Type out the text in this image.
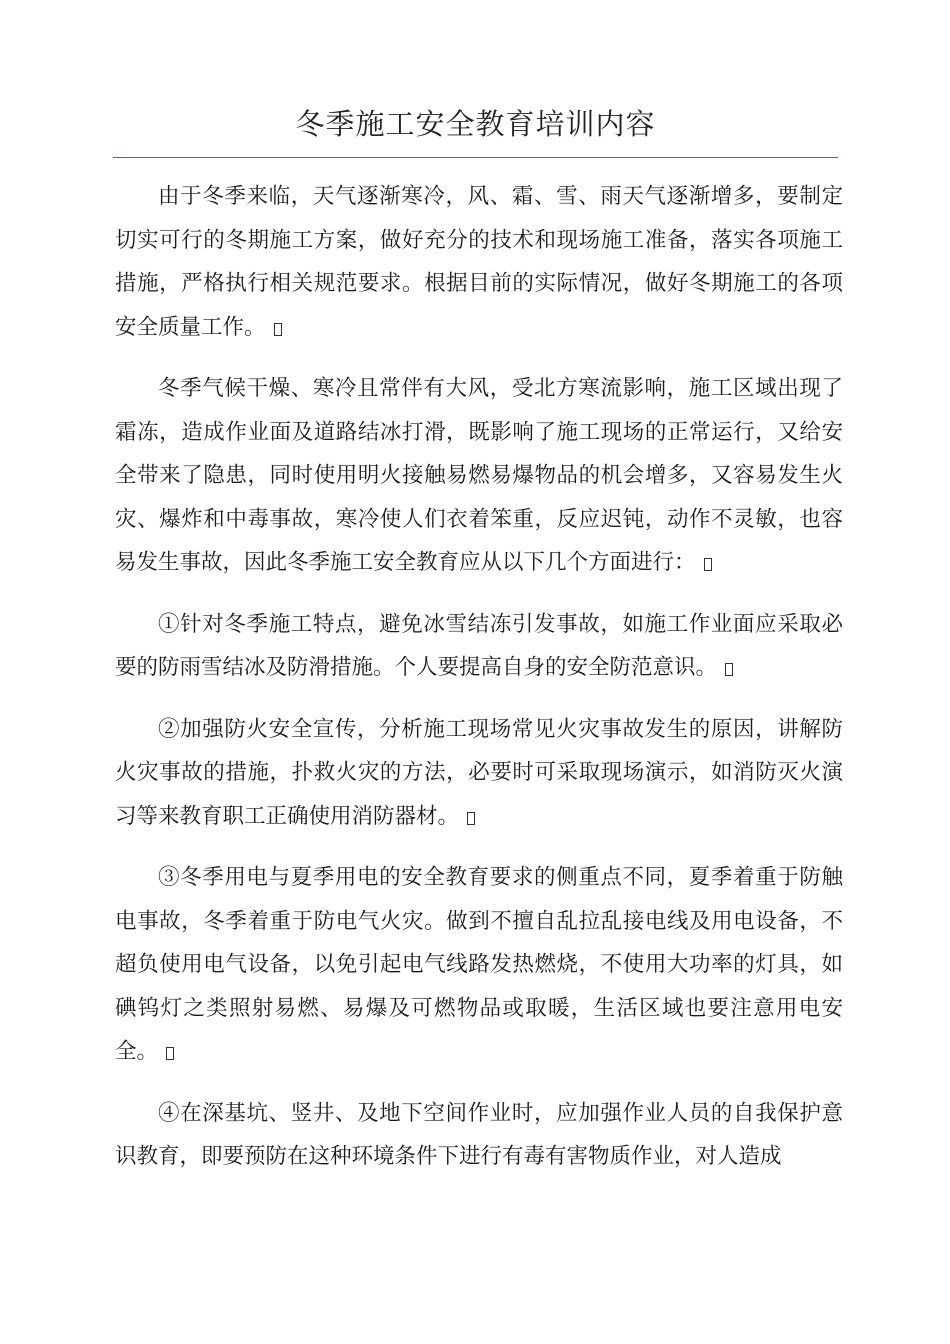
冬季施工安全教育培训内容

由于冬季来临，天气逐渐寒冷，风、霜、雪、雨天气逐渐增多，要制定切实可行的冬期施工方案，做好充分的技术和现场施工准备，落实各项施工措施，严格执行相关规范要求。根据目前的实际情况，做好冬期施工的各项安全质量工作。

冬季气候干燥、寒冷且常伴有大风，受北方寒流影响，施工区域出现了霜冻，造成作业面及道路结冰打滑，既影响了施工现场的正常运行，又给安全带来了隐患，同时使用明火接触易燃易爆物品的机会增多，又容易发生火灾、爆炸和中毒事故，寒冷使人们衣着笨重，反应迟钝，动作不灵敏，也容易发生事故，因此冬季施工安全教育应从以下几个方面进行：

①针对冬季施工特点，避免冰雪结冻引发事故，如施工作业面应采取必要的防雨雪结冰及防滑措施。个人要提高自身的安全防范意识。

②加强防火安全宣传，分析施工现场常见火灾事故发生的原因，讲解防火灾事故的措施，扑救火灾的方法，必要时可采取现场演示，如消防灭火演习等来教育职工正确使用消防器材。

③冬季用电与夏季用电的安全教育要求的侧重点不同，夏季着重于防触电事故，冬季着重于防电气火灾。做到不擅自乱拉乱接电线及用电设备，不超负使用电气设备，以免引起电气线路发热燃烧，不使用大功率的灯具，如碘钨灯之类照射易燃、易爆及可燃物品或取暖，生活区域也要注意用电安全。

④在深基坑、竖井、及地下空间作业时，应加强作业人员的自我保护意识教育，即要预防在这种环境条件下进行有毒有害物质作业，对人造成
